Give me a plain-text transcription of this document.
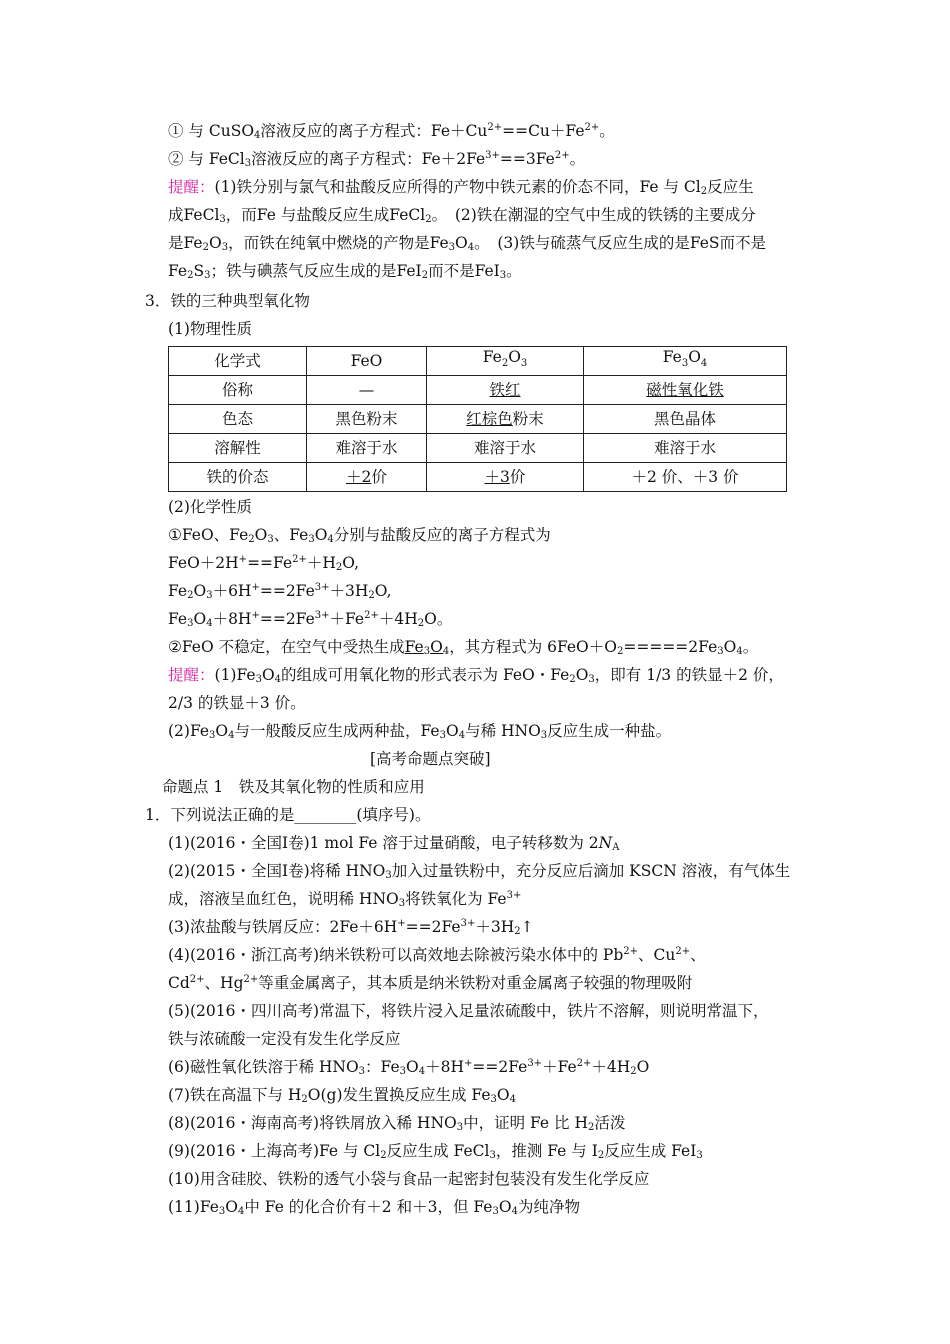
① 与 CuSO$_4$溶液反应的离子方程式：$Fe+Cu^{2+}==Cu+Fe^{2+}$。
② 与 FeCl$_3$溶液反应的离子方程式：$Fe+2Fe^{3+}==3Fe^{2+}$。
提醒：(1)铁分别与氯气和盐酸反应所得的产物中铁元素的价态不同，Fe 与 $Cl_2$反应生
成FeCl$_3$，而Fe 与盐酸反应生成FeCl$_2$。　(2)铁在潮湿的空气中生成的铁锈的主要成分
是$Fe_2O_3$，而铁在纯氧中燃烧的产物是$Fe_3O_4$。　(3)铁与硫蒸气反应生成的是FeS而不是
$Fe_2S_3$；铁与碘蒸气反应生成的是FeI$_2$而不是FeI$_3$。
3．铁的三种典型氧化物
(1)物理性质
化学式	FeO	$Fe_2O_3$	$Fe_3O_4$
俗称	—	铁红	磁性氧化铁
色态	黑色粉末	红棕色粉末	黑色晶体
溶解性	难溶于水	难溶于水	难溶于水
铁的价态	＋2价	＋3价	＋2 价、＋3 价
(2)化学性质
①FeO、$Fe_2O_3$、$Fe_3O_4$分别与盐酸反应的离子方程式为
$FeO+2H^+==Fe^{2+}+H_2O$,
$Fe_2O_3+6H^+==2Fe^{3+}+3H_2O$,
$Fe_3O_4+8H^+==2Fe^{3+}+Fe^{2+}+4H_2O$。
②FeO 不稳定，在空气中受热生成$Fe_3O_4$，其方程式为 $6FeO+O_2=====2Fe_3O_4$。
提醒：$(1)Fe_3O_4$的组成可用氧化物的形式表示为 FeO・$Fe_2O_3$，即有 1/3 的铁显＋2 价，
2/3 的铁显＋3 价。
$(2)Fe_3O_4$与一般酸反应生成两种盐，$Fe_3O_4$与稀 $HNO_3$反应生成一种盐。
[高考命题点突破]
命题点 1　铁及其氧化物的性质和应用
1．下列说法正确的是________(填序号)。
(1)(2016・全国Ⅰ卷)1 mol Fe 溶于过量硝酸，电子转移数为 $2N_A$
(2)(2015・全国Ⅰ卷)将稀 $HNO_3$加入过量铁粉中，充分反应后滴加 KSCN 溶液，有气体生
成，溶液呈血红色，说明稀 $HNO_3$将铁氧化为 $Fe^{3+}$
(3)浓盐酸与铁屑反应：$2Fe+6H^+==2Fe^{3+}+3H_2↑$
(4)(2016・浙江高考)纳米铁粉可以高效地去除被污染水体中的 $Pb^{2+}$、$Cu^{2+}$、
$Cd^{2+}$、$Hg^{2+}$等重金属离子，其本质是纳米铁粉对重金属离子较强的物理吸附
(5)(2016・四川高考)常温下，将铁片浸入足量浓硫酸中，铁片不溶解，则说明常温下，
铁与浓硫酸一定没有发生化学反应
(6)磁性氧化铁溶于稀 $HNO_3$：$Fe_3O_4+8H^+==2Fe^{3+}+Fe^{2+}+4H_2O$
(7)铁在高温下与 $H_2O(g)$发生置换反应生成 $Fe_3O_4$
(8)(2016・海南高考)将铁屑放入稀 $HNO_3$中，证明 Fe 比 $H_2$活泼
(9)(2016・上海高考)Fe 与 $Cl_2$反应生成 FeCl$_3$，推测 Fe 与 $I_2$反应生成 FeI$_3$
(10)用含硅胶、铁粉的透气小袋与食品一起密封包装没有发生化学反应
$(11)Fe_3O_4$中 Fe 的化合价有＋2 和＋3，但 $Fe_3O_4$为纯净物
